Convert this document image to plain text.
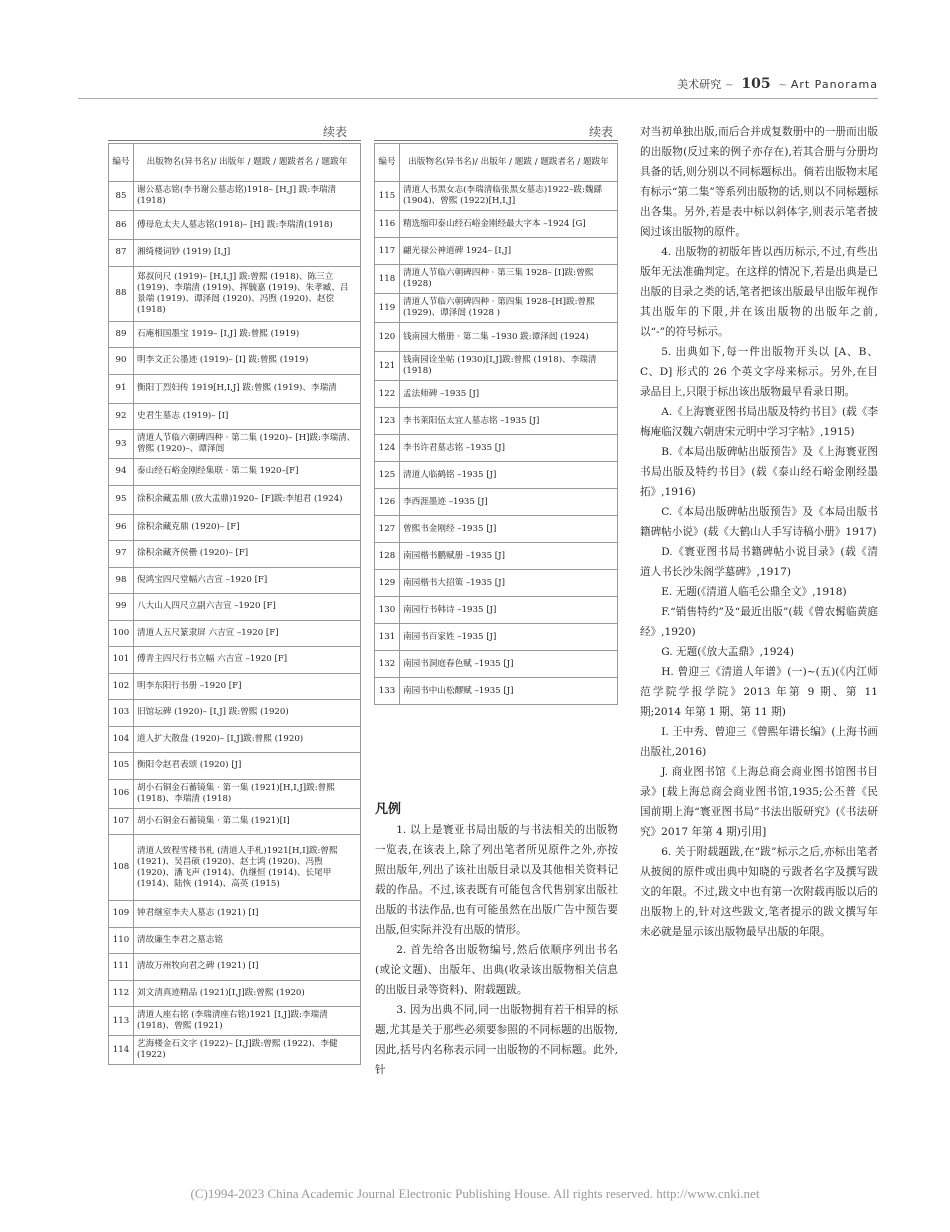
美术研究 ~ 105 ~ Art Panorama
续表	续表
编号	出版物名(异书名)/ 出版年 / 题跋 / 题跋者名 / 题跋年
85	谢公墓志铭(李书谢公墓志铭)1918– [H,J] 跋:李瑞清(1918)
86	傅母危太夫人墓志铭(1918)– [H] 跋:李瑞清(1918)
87	湘绮楼词钞 (1919) [I,J]
88	郑叔问尺 (1919)– [H,I,J] 跋:曾熙 (1918)、陈三立 (1919)、李瑞清 (1919)、挥毓嘉 (1919)、朱孝臧、吕景端 (1919)、谭泽闿 (1920)、冯煦 (1920)、赵偿 (1918)
89	石庵相国墨宝 1919– [I,J] 跋:曾熙 (1919)
90	明李文正公墨迹 (1919)– [I] 跋:曾熙 (1919)
91	衡阳丁烈妇传 1919[H,I,J] 跋:曾熙 (1919)、李瑞清
92	史君生墓志 (1919)– [I]
93	清道人节临六朝碑四种 · 第二集 (1920)– [H]跋:李瑞清、曾熙 (1920)–、谭泽闿
94	泰山经石峪金刚经集联 · 第二集 1920–[F]
95	徐积余藏盂鼎 (放大盂鼎)1920– [F]跋:李旭君 (1924)
96	徐积余藏克鼎 (1920)– [F]
97	徐积余藏齐侯罍 (1920)– [F]
98	倪鸿宝四尺堂幅六吉宣 –1920 [F]
99	八大山人四尺立副六吉宣 –1920 [F]
100	清道人五尺篆隶屏 六吉宣 –1920 [F]
101	傅青主四尺行书立幅 六吉宣 –1920 [F]
102	明李东阳行书册 –1920 [F]
103	旧馆坛碑 (1920)– [I,J] 跋:曾熙 (1920)
104	道人扩大散盘 (1920)– [I,J]跋:曾熙 (1920)
105	衡阳令赵君表颂 (1920) [J]
106	胡小石铜金石蓄镜集 · 第一集 (1921)[H,I,J]跋:曾熙 (1918)、李瑞清 (1918)
107	胡小石铜金石蓄镜集 · 第二集 (1921)[I]
108	清道人致程雪楼书札 (清道人手札)1921[H,I]跋:曾熙 (1921)、吴昌硕 (1920)、赵士鸿 (1920)、冯煦 (1920)、潘飞声 (1914)、仇继恒 (1914)、长尾甲 (1914)、陆恢 (1914)、高英 (1915)
109	钟君继室李夫人墓志 (1921) [I]
110	清故廉生李君之墓志铭
111	清故万州牧向君之碑 (1921) [I]
112	刘文清真迹精品 (1921)[I,J]跋:曾熙 (1920)
113	清道人座右铭 (李瑞清座右铭)1921 [I,J]跋:李瑞清 (1918)、曾熙 (1921)
114	艺海楼金石文字 (1922)– [I,J]跋:曾熙 (1922)、李健 (1922)
编号	出版物名(异书名)/ 出版年 / 题跋 / 题跋者名 / 题跋年
115	清道人书黑女志(李瑞清临张黑女墓志)1922–跋:魏繇 (1904)、曾熙 (1922)[H,I,J]
116	精选缩印泰山经石峪金刚经最大字本 –1924 [G]
117	翩光禄公神道碑 1924– [I,J]
118	清道人节临六朝碑四种 · 第三集 1928– [I]跋:曾熙 (1928)
119	清道人节临六朝碑四种 · 第四集 1928–[H]跋:曾熙 (1929)、谭泽闿 (1928 )
120	钱南园大楷册 · 第二集 –1930 跋:谭泽闿 (1924)
121	钱南园诠坐帖 (1930)[I,J]跋:曾熙 (1918)、李瑞清 (1918)
122	孟法师碑 –1935 [J]
123	李书莱阳伍太宜人墓志铭 –1935 [J]
124	李书许君墓志铭 –1935 [J]
125	清道人临鹤铭 –1935 [J]
126	李西涯墨迹 –1935 [J]
127	曾熙书金刚经 –1935 [J]
128	南园楷书鹏赋册 –1935 [J]
129	南园楷书大招策 –1935 [J]
130	南园行书韩诗 –1935 [J]
131	南园书百家姓 –1935 [J]
132	南园书洞庭春色赋 –1935 [J]
133	南园书中山松醪赋 –1935 [J]

凡例

1. 以上是寰亚书局出版的与书法相关的出版物一览表,在该表上,除了列出笔者所见原件之外,亦按照出版年,列出了该社出版目录以及其他相关资料记载的作品。不过,该表既有可能包含代售别家出版社出版的书法作品,也有可能虽然在出版广告中预告要出版,但实际并没有出版的情形。

2. 首先给各出版物编号,然后依顺序列出书名(或论文题)、出版年、出典(收录该出版物相关信息的出版目录等资料)、附载题跋。

3. 因为出典不同,同一出版物拥有若干相异的标题,尤其是关于那些必须要参照的不同标题的出版物,因此,括号内名称表示同一出版物的不同标题。此外,针

对当初单独出版,而后合并成复数册中的一册而出版的出版物(反过来的例子亦存在),若其合册与分册均具备的话,则分别以不同标题标出。倘若出版物末尾有标示“第二集”等系列出版物的话,则以不同标题标出各集。另外,若是表中标以斜体字,则表示笔者披阅过该出版物的原件。

4. 出版物的初版年皆以西历标示,不过,有些出版年无法准确判定。在这样的情况下,若是出典是已出版的目录之类的话,笔者把该出版最早出版年视作其出版年的下限,并在该出版物的出版年之前,以“-”的符号标示。

5. 出典如下,每一件出版物开头以 [A、B、C、D] 形式的 26 个英文字母来标示。另外,在目录品目上,只限于标出该出版物最早看录日期。

A.《上海寰亚图书局出版及特约书目》(载《李梅庵临汉魏六朝唐宋元明中学习字帖》,1915)

B.《本局出版碑帖出版预告》及《上海寰亚图书局出版及特约书目》(载《泰山经石峪金刚经墨拓》,1916)

C.《本局出版碑帖出版预告》及《本局出版书籍碑帖小说》(载《大鹤山人手写诗稿小册》1917)

D.《寰亚图书局书籍碑帖小说目录》(载《清道人书长沙朱阁学墓碑》,1917)

E. 无题(《清道人临毛公鼎全文》,1918)

F.“销售特约”及“最近出版”(载《曾农髯临黄庭经》,1920)

G. 无题(《放大盂鼎》,1924)

H. 曾迎三《清道人年谱》(一)~(五)(《内江师范学院学报学院》2013 年第 9 期、第 11 期;2014 年第 1 期、第 11 期)

I. 王中秀、曾迎三《曾熙年谱长编》(上海书画出版社,2016)

J. 商业图书馆《上海总商会商业图书馆图书目录》[载上海总商会商业图书馆,1935;公丕普《民国前期上海“寰亚图书局”书法出版研究》(《书法研究》2017 年第 4 期)引用]

6. 关于附载题跋,在“跋”标示之后,亦标出笔者从披阅的原件或出典中知晓的亏跋者名字及撰写跋文的年限。不过,跋文中也有第一次附载再版以后的出版物上的,针对这些跋文,笔者提示的跋文撰写年未必就是显示该出版物最早出版的年限。

(C)1994-2023 China Academic Journal Electronic Publishing House. All rights reserved. http://www.cnki.net
